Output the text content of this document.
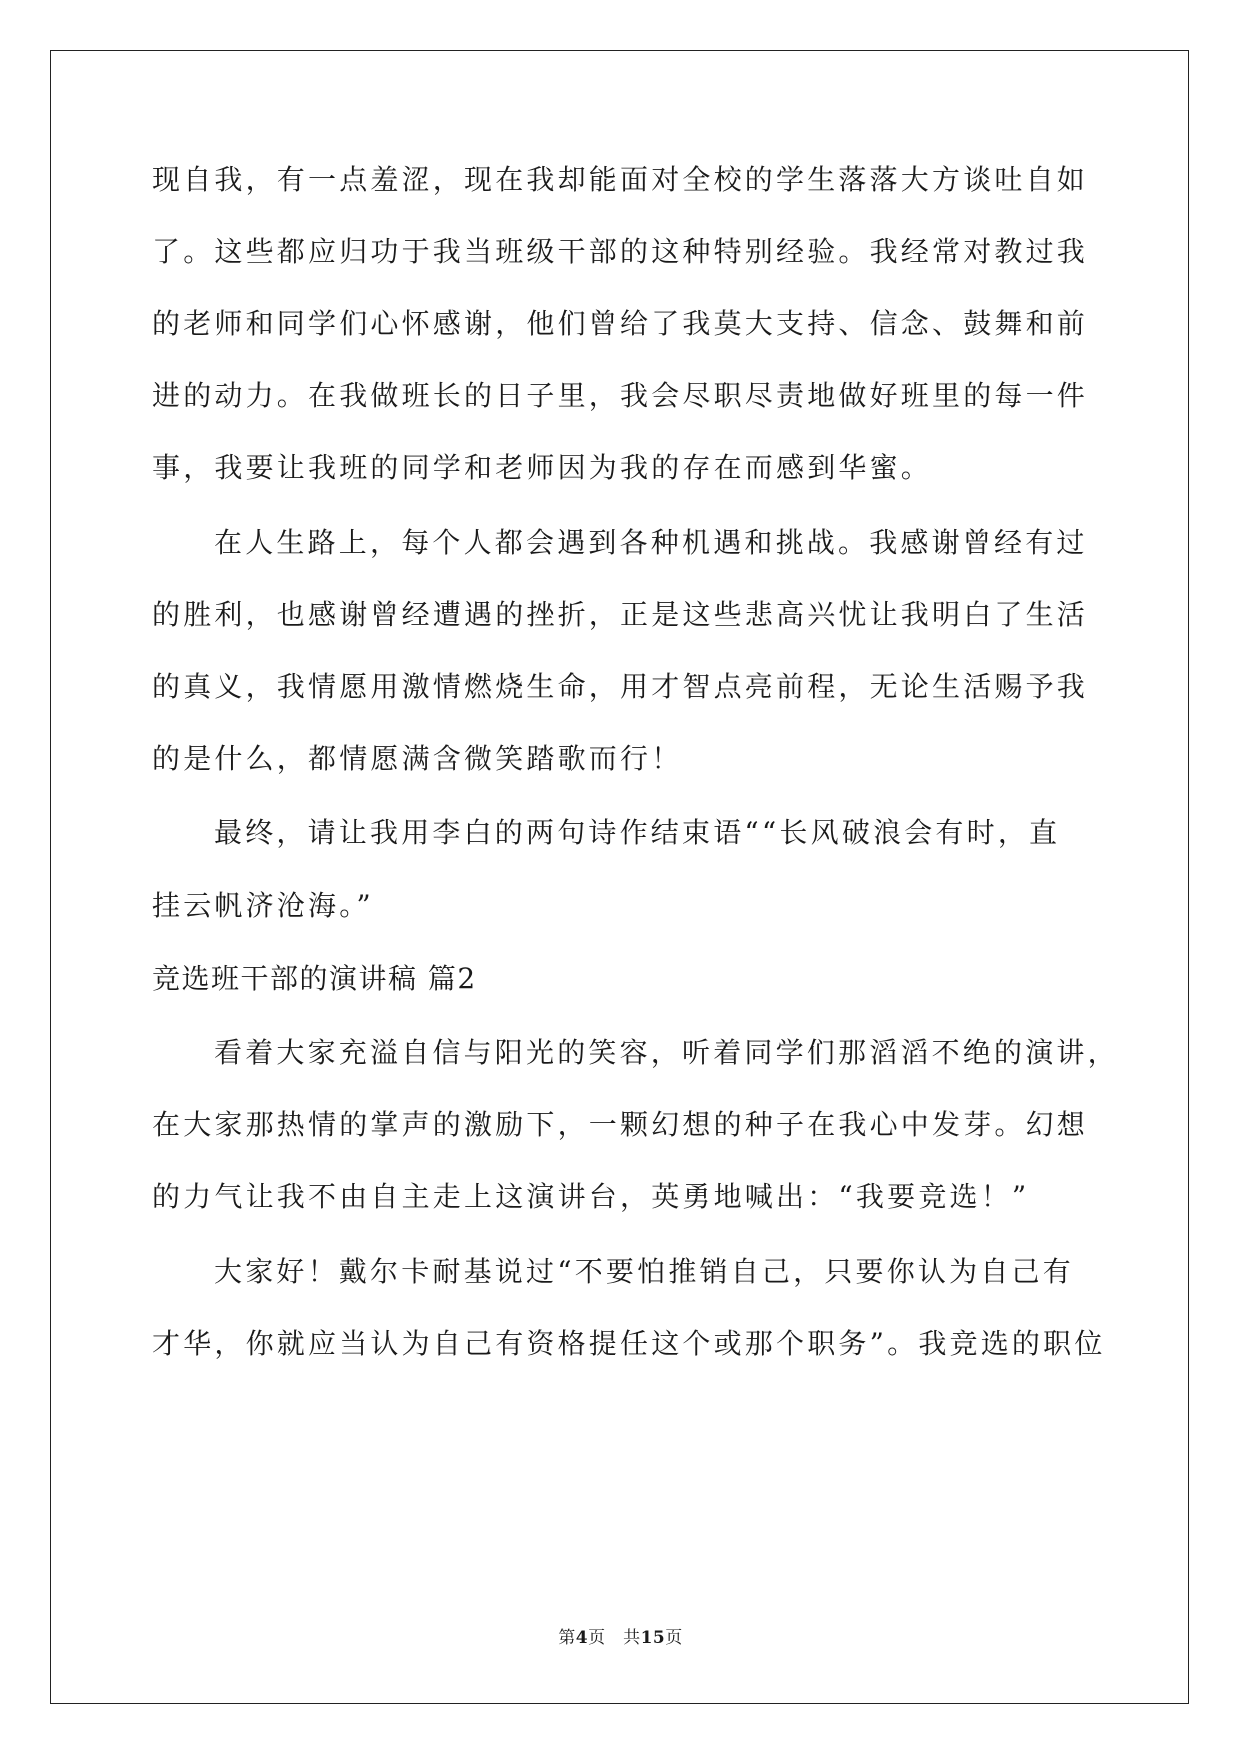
现自我，有一点羞涩，现在我却能面对全校的学生落落大方谈吐自如
了。这些都应归功于我当班级干部的这种特别经验。我经常对教过我
的老师和同学们心怀感谢，他们曾给了我莫大支持、信念、鼓舞和前
进的动力。在我做班长的日子里，我会尽职尽责地做好班里的每一件
事，我要让我班的同学和老师因为我的存在而感到华蜜。
在人生路上，每个人都会遇到各种机遇和挑战。我感谢曾经有过
的胜利，也感谢曾经遭遇的挫折，正是这些悲高兴忧让我明白了生活
的真义，我情愿用激情燃烧生命，用才智点亮前程，无论生活赐予我
的是什么，都情愿满含微笑踏歌而行！
最终，请让我用李白的两句诗作结束语““长风破浪会有时，直
挂云帆济沧海。”
竞选班干部的演讲稿 篇2
看着大家充溢自信与阳光的笑容，听着同学们那滔滔不绝的演讲，
在大家那热情的掌声的激励下，一颗幻想的种子在我心中发芽。幻想
的力气让我不由自主走上这演讲台，英勇地喊出：“我要竞选！”
大家好！戴尔卡耐基说过“不要怕推销自己，只要你认为自己有
才华，你就应当认为自己有资格提任这个或那个职务”。我竞选的职位
第4页　共15页
